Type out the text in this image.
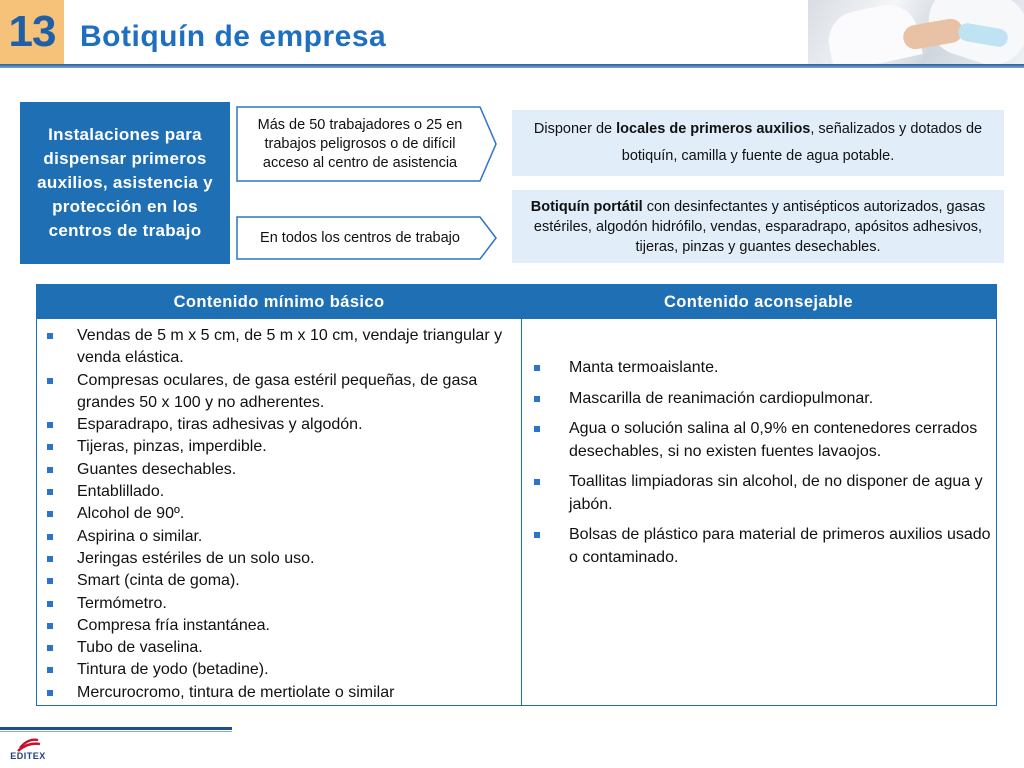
13 Botiquín de empresa
Instalaciones para dispensar primeros auxilios, asistencia y protección en los centros de trabajo
Más de 50 trabajadores o 25 en trabajos peligrosos o de difícil acceso al centro de asistencia
En todos los centros de trabajo
Disponer de locales de primeros auxilios, señalizados y dotados de botiquín, camilla y fuente de agua potable.
Botiquín portátil con desinfectantes y antisépticos autorizados, gasas estériles, algodón hidrófilo, vendas, esparadrapo, apósitos adhesivos, tijeras, pinzas y guantes desechables.
Contenido mínimo básico	Contenido aconsejable
Vendas de 5 m x 5 cm, de 5 m x 10 cm, vendaje triangular y venda elástica.
Compresas oculares, de gasa estéril pequeñas, de gasa grandes 50 x 100 y no adherentes.
Esparadrapo, tiras adhesivas y algodón.
Tijeras, pinzas, imperdible.
Guantes desechables.
Entablillado.
Alcohol de 90º.
Aspirina o similar.
Jeringas estériles de un solo uso.
Smart (cinta de goma).
Termómetro.
Compresa fría instantánea.
Tubo de vaselina.
Tintura de yodo (betadine).
Mercurocromo, tintura de mertiolate o similar
Manta termoaislante.
Mascarilla de reanimación cardiopulmonar.
Agua o solución salina al 0,9% en contenedores cerrados desechables, si no existen fuentes lavaojos.
Toallitas limpiadoras sin alcohol, de no disponer de agua y jabón.
Bolsas de plástico para material de primeros auxilios usado o contaminado.
EDITEX
